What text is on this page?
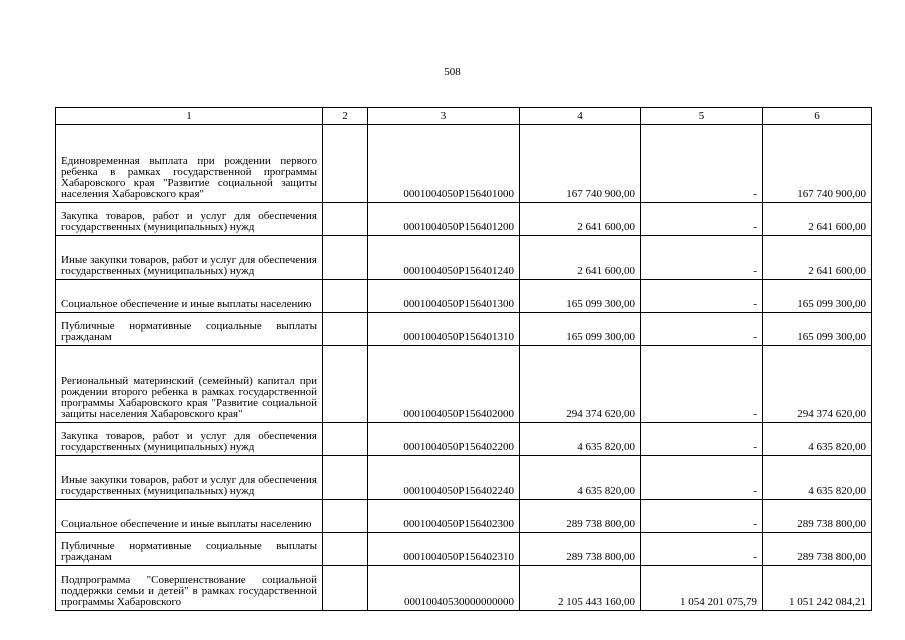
508
1	2	3	4	5	6
Единовременная выплата при рождении первого ребенка в рамках государственной программы Хабаровского края "Развитие социальной защиты населения Хабаровского края"		0001004050P156401000	167 740 900,00	-	167 740 900,00
Закупка товаров, работ и услуг для обеспечения государственных (муниципальных) нужд		0001004050P156401200	2 641 600,00	-	2 641 600,00
Иные закупки товаров, работ и услуг для обеспечения государственных (муниципальных) нужд		0001004050P156401240	2 641 600,00	-	2 641 600,00
Социальное обеспечение и иные выплаты населению		0001004050P156401300	165 099 300,00	-	165 099 300,00
Публичные нормативные социальные выплаты гражданам		0001004050P156401310	165 099 300,00	-	165 099 300,00
Региональный материнский (семейный) капитал при рождении второго ребенка в рамках государственной программы Хабаровского края "Развитие социальной защиты населения Хабаровского края"		0001004050P156402000	294 374 620,00	-	294 374 620,00
Закупка товаров, работ и услуг для обеспечения государственных (муниципальных) нужд		0001004050P156402200	4 635 820,00	-	4 635 820,00
Иные закупки товаров, работ и услуг для обеспечения государственных (муниципальных) нужд		0001004050P156402240	4 635 820,00	-	4 635 820,00
Социальное обеспечение и иные выплаты населению		0001004050P156402300	289 738 800,00	-	289 738 800,00
Публичные нормативные социальные выплаты гражданам		0001004050P156402310	289 738 800,00	-	289 738 800,00
Подпрограмма "Совершенствование социальной поддержки семьи и детей" в рамках государственной программы Хабаровского		00010040530000000000	2 105 443 160,00	1 054 201 075,79	1 051 242 084,21
